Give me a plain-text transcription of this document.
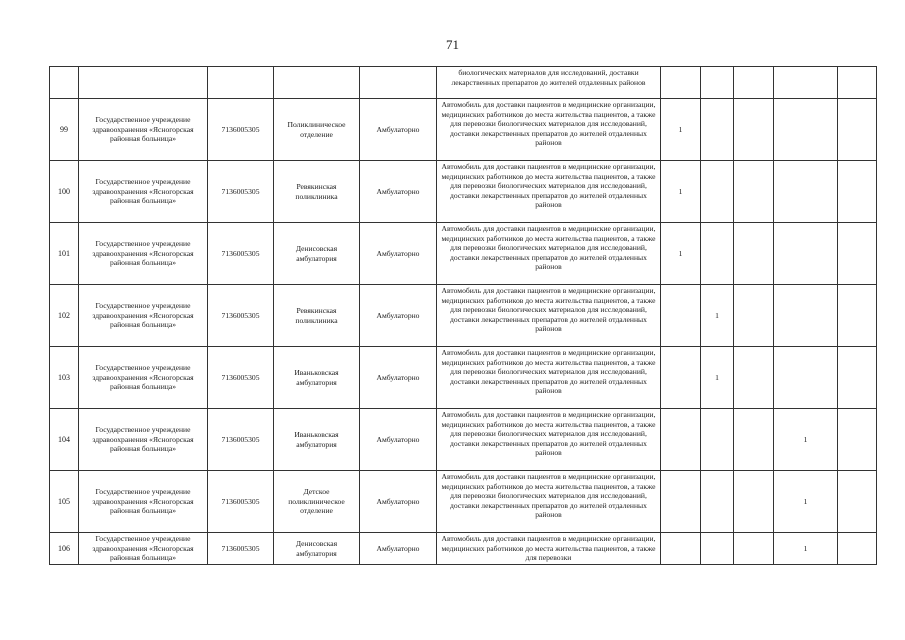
71
					биологических материалов для исследований, доставки лекарственных препаратов до жителей отдаленных районов					
99	Государственное учреждение здравоохранения «Ясногорская районная больница»	7136005305	Поликлиническое отделение	Амбулаторно	Автомобиль для доставки пациентов в медицинские организации, медицинских работников до места жительства пациентов, а также для перевозки биологических материалов для исследований, доставки лекарственных препаратов до жителей отдаленных районов	1				
100	Государственное учреждение здравоохранения «Ясногорская районная больница»	7136005305	Ревякинская поликлиника	Амбулаторно	Автомобиль для доставки пациентов в медицинские организации, медицинских работников до места жительства пациентов, а также для перевозки биологических материалов для исследований, доставки лекарственных препаратов до жителей отдаленных районов	1				
101	Государственное учреждение здравоохранения «Ясногорская районная больница»	7136005305	Денисовская амбулатория	Амбулаторно	Автомобиль для доставки пациентов в медицинские организации, медицинских работников до места жительства пациентов, а также для перевозки биологических материалов для исследований, доставки лекарственных препаратов до жителей отдаленных районов	1				
102	Государственное учреждение здравоохранения «Ясногорская районная больница»	7136005305	Ревякинская поликлиника	Амбулаторно	Автомобиль для доставки пациентов в медицинские организации, медицинских работников до места жительства пациентов, а также для перевозки биологических материалов для исследований, доставки лекарственных препаратов до жителей отдаленных районов		1			
103	Государственное учреждение здравоохранения «Ясногорская районная больница»	7136005305	Иваньковская амбулатория	Амбулаторно	Автомобиль для доставки пациентов в медицинские организации, медицинских работников до места жительства пациентов, а также для перевозки биологических материалов для исследований, доставки лекарственных препаратов до жителей отдаленных районов		1			
104	Государственное учреждение здравоохранения «Ясногорская районная больница»	7136005305	Иваньковская амбулатория	Амбулаторно	Автомобиль для доставки пациентов в медицинские организации, медицинских работников до места жительства пациентов, а также для перевозки биологических материалов для исследований, доставки лекарственных препаратов до жителей отдаленных районов				1	
105	Государственное учреждение здравоохранения «Ясногорская районная больница»	7136005305	Детское поликлиническое отделение	Амбулаторно	Автомобиль для доставки пациентов в медицинские организации, медицинских работников до места жительства пациентов, а также для перевозки биологических материалов для исследований, доставки лекарственных препаратов до жителей отдаленных районов				1	
106	Государственное учреждение здравоохранения «Ясногорская районная больница»	7136005305	Денисовская амбулатория	Амбулаторно	Автомобиль для доставки пациентов в медицинские организации, медицинских работников до места жительства пациентов, а также для перевозки				1	
